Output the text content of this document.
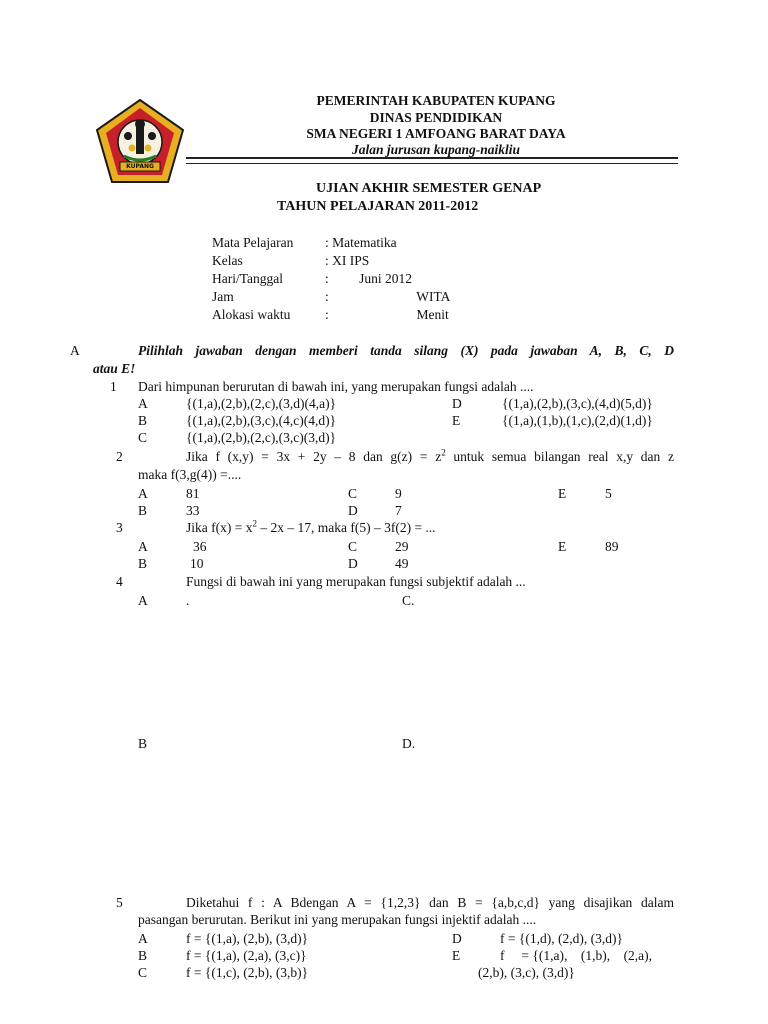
KUPANG
PEMERINTAH KABUPATEN KUPANG
DINAS PENDIDIKAN
SMA NEGERI 1 AMFOANG BARAT DAYA
Jalan jurusan kupang-naikliu
UJIAN AKHIR SEMESTER GENAP
TAHUN PELAJARAN 2011-2012
Mata Pelajaran : Matematika
Kelas	: XI IPS
Hari/Tanggal	:         Juni 2012
Jam	:                          WITA
Alokasi waktu	:                          Menit
A	Pilihlah jawaban dengan memberi tanda silang (X) pada jawaban A, B, C, D
atau E!
1 Dari himpunan berurutan di bawah ini, yang merupakan fungsi adalah ....
A	{(1,a),(2,b),(2,c),(3,d)(4,a)}	D	{(1,a),(2,b),(3,c),(4,d)(5,d)}
B	{(1,a),(2,b),(3,c),(4,c)(4,d)}	E	{(1,a),(1,b),(1,c),(2,d)(1,d)}
C	{(1,a),(2,b),(2,c),(3,c)(3,d)}
2	Jika f (x,y) = 3x + 2y – 8 dan $g(z) = z^2$ untuk semua bilangan real x,y dan z
maka f(3,g(4)) =....
A	81	C	9	E	5
B	33	D	7
3	Jika $f(x) = x^2 - 2x - 17$, maka f(5) – 3f(2) = ...
A	36	C	29	E	89
B	10	D	49
4	Fungsi di bawah ini yang merupakan fungsi subjektif adalah ...
A	.	C.
B	D.
5	Diketahui f : A Bdengan A = {1,2,3} dan B = {a,b,c,d} yang disajikan dalam
pasangan berurutan. Berikut ini yang merupakan fungsi injektif adalah ....
A	f = {(1,a), (2,b), (3,d)}	D	f = {(1,d), (2,d), (3,d)}
B	f = {(1,a), (2,a), (3,c)}	E	f     = {(1,a),    (1,b),    (2,a),
C	f = {(1,c), (2,b), (3,b)}	(2,b), (3,c), (3,d)}
